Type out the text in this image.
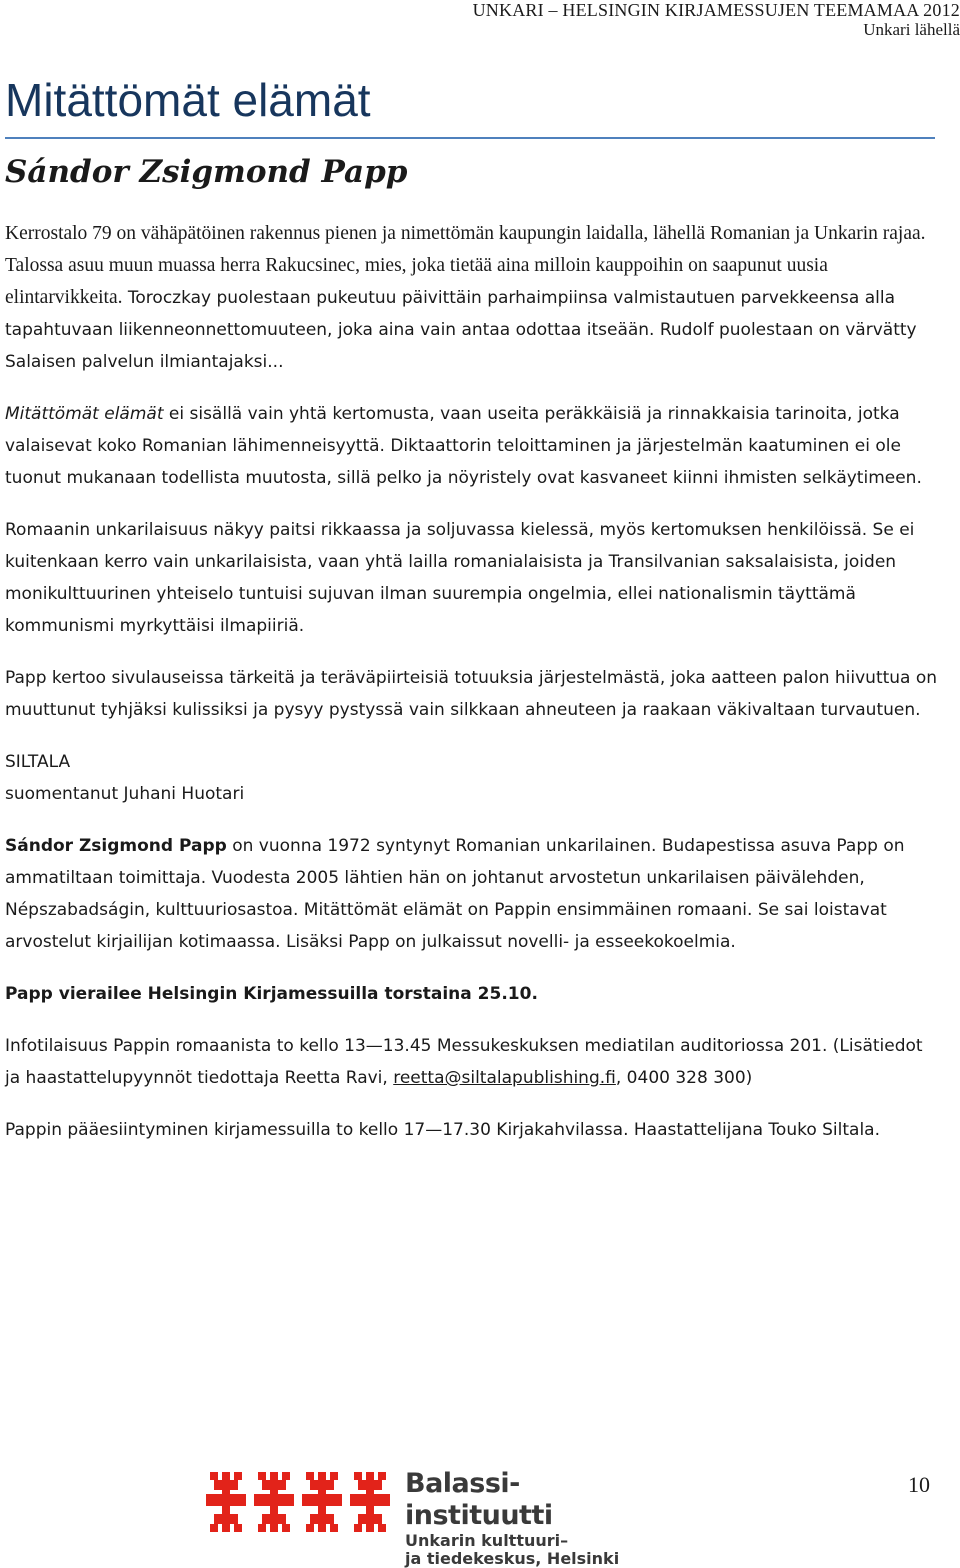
UNKARI – HELSINGIN KIRJAMESSUJEN TEEMAMAA 2012
Unkari lähellä
Mitättömät elämät
Sándor Zsigmond Papp

Kerrostalo 79 on vähäpätöinen rakennus pienen ja nimettömän kaupungin laidalla, lähellä Romanian ja Unkarin rajaa. Talossa asuu muun muassa herra Rakucsinec, mies, joka tietää aina milloin kauppoihin on saapunut uusia elintarvikkeita. Toroczkay puolestaan pukeutuu päivittäin parhaimpiinsa valmistautuen parvekkeensa alla tapahtuvaan liikenneonnettomuuteen, joka aina vain antaa odottaa itseään. Rudolf puolestaan on värvätty Salaisen palvelun ilmiantajaksi...

Mitättömät elämät ei sisällä vain yhtä kertomusta, vaan useita peräkkäisiä ja rinnakkaisia tarinoita, jotka valaisevat koko Romanian lähimenneisyyttä. Diktaattorin teloittaminen ja järjestelmän kaatuminen ei ole tuonut mukanaan todellista muutosta, sillä pelko ja nöyristely ovat kasvaneet kiinni ihmisten selkäytimeen.

Romaanin unkarilaisuus näkyy paitsi rikkaassa ja soljuvassa kielessä, myös kertomuksen henkilöissä. Se ei kuitenkaan kerro vain unkarilaisista, vaan yhtä lailla romanialaisista ja Transilvanian saksalaisista, joiden monikulttuurinen yhteiselo tuntuisi sujuvan ilman suurempia ongelmia, ellei nationalismin täyttämä kommunismi myrkyttäisi ilmapiiriä.

Papp kertoo sivulauseissa tärkeitä ja teräväpiirteisiä totuuksia järjestelmästä, joka aatteen palon hiivuttua on muuttunut tyhjäksi kulissiksi ja pysyy pystyssä vain silkkaan ahneuteen ja raakaan väkivaltaan turvautuen.

SILTALA

suomentanut Juhani Huotari

Sándor Zsigmond Papp on vuonna 1972 syntynyt Romanian unkarilainen. Budapestissa asuva Papp on ammatiltaan toimittaja. Vuodesta 2005 lähtien hän on johtanut arvostetun unkarilaisen päivälehden, Népszabadságin, kulttuuriosastoa. Mitättömät elämät on Pappin ensimmäinen romaani. Se sai loistavat arvostelut kirjailijan kotimaassa. Lisäksi Papp on julkaissut novelli- ja esseekokoelmia.

Papp vierailee Helsingin Kirjamessuilla torstaina 25.10.

Infotilaisuus Pappin romaanista to kello 13—13.45 Messukeskuksen mediatilan auditoriossa 201. (Lisätiedot ja haastattelupyynnöt tiedottaja Reetta Ravi, reetta@siltalapublishing.fi, 0400 328 300)

Pappin pääesiintyminen kirjamessuilla to kello 17—17.30 Kirjakahvilassa. Haastattelijana Touko Siltala.

Balassi-instituutti
Unkarin kulttuuri–
ja tiedekeskus, Helsinki
10
